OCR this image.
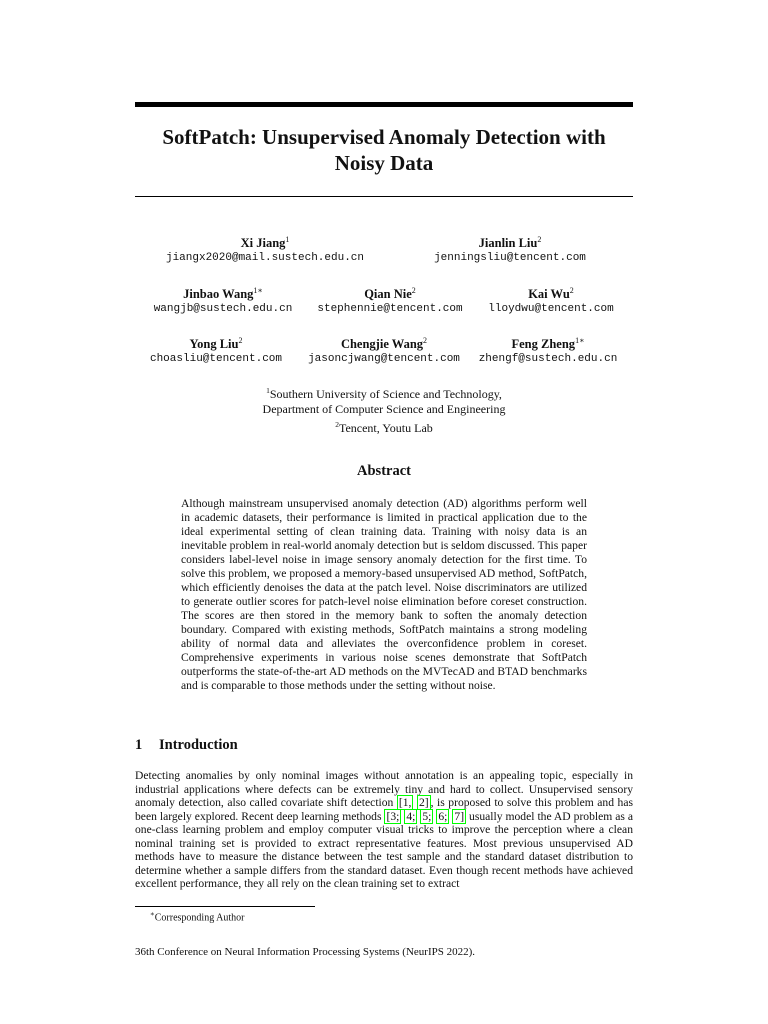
SoftPatch: Unsupervised Anomaly Detection with Noisy Data
Xi Jiang$^1$
jiangx2020@mail.sustech.edu.cn
Jianlin Liu$^2$
jenningsliu@tencent.com
Jinbao Wang$^{1∗}$
wangjb@sustech.edu.cn
Qian Nie$^2$
stephennie@tencent.com
Kai Wu$^2$
lloydwu@tencent.com
Yong Liu$^2$
choasliu@tencent.com
Chengjie Wang$^2$
jasoncjwang@tencent.com
Feng Zheng$^{1∗}$
zhengf@sustech.edu.cn
$^1$Southern University of Science and Technology,
Department of Computer Science and Engineering
$^2$Tencent, Youtu Lab
Abstract
Although mainstream unsupervised anomaly detection (AD) algorithms perform well in academic datasets, their performance is limited in practical application due to the ideal experimental setting of clean training data. Training with noisy data is an inevitable problem in real-world anomaly detection but is seldom discussed. This paper considers label-level noise in image sensory anomaly detection for the first time. To solve this problem, we proposed a memory-based unsupervised AD method, SoftPatch, which efficiently denoises the data at the patch level. Noise discriminators are utilized to generate outlier scores for patch-level noise elimination before coreset construction. The scores are then stored in the memory bank to soften the anomaly detection boundary. Compared with existing methods, SoftPatch maintains a strong modeling ability of normal data and alleviates the overconfidence problem in coreset. Comprehensive experiments in various noise scenes demonstrate that SoftPatch outperforms the state-of-the-art AD methods on the MVTecAD and BTAD benchmarks and is comparable to those methods under the setting without noise.
1 Introduction
Detecting anomalies by only nominal images without annotation is an appealing topic, especially in industrial applications where defects can be extremely tiny and hard to collect. Unsupervised sensory anomaly detection, also called covariate shift detection [1, 2] , is proposed to solve this problem and has been largely explored. Recent deep learning methods [3; 4; 5; 6; 7] usually model the AD problem as a one-class learning problem and employ computer visual tricks to improve the perception where a clean nominal training set is provided to extract representative features. Most previous unsupervised AD methods have to measure the distance between the test sample and the standard dataset distribution to determine whether a sample differs from the standard dataset. Even though recent methods have achieved excellent performance, they all rely on the clean training set to extract
∗Corresponding Author
36th Conference on Neural Information Processing Systems (NeurIPS 2022).
